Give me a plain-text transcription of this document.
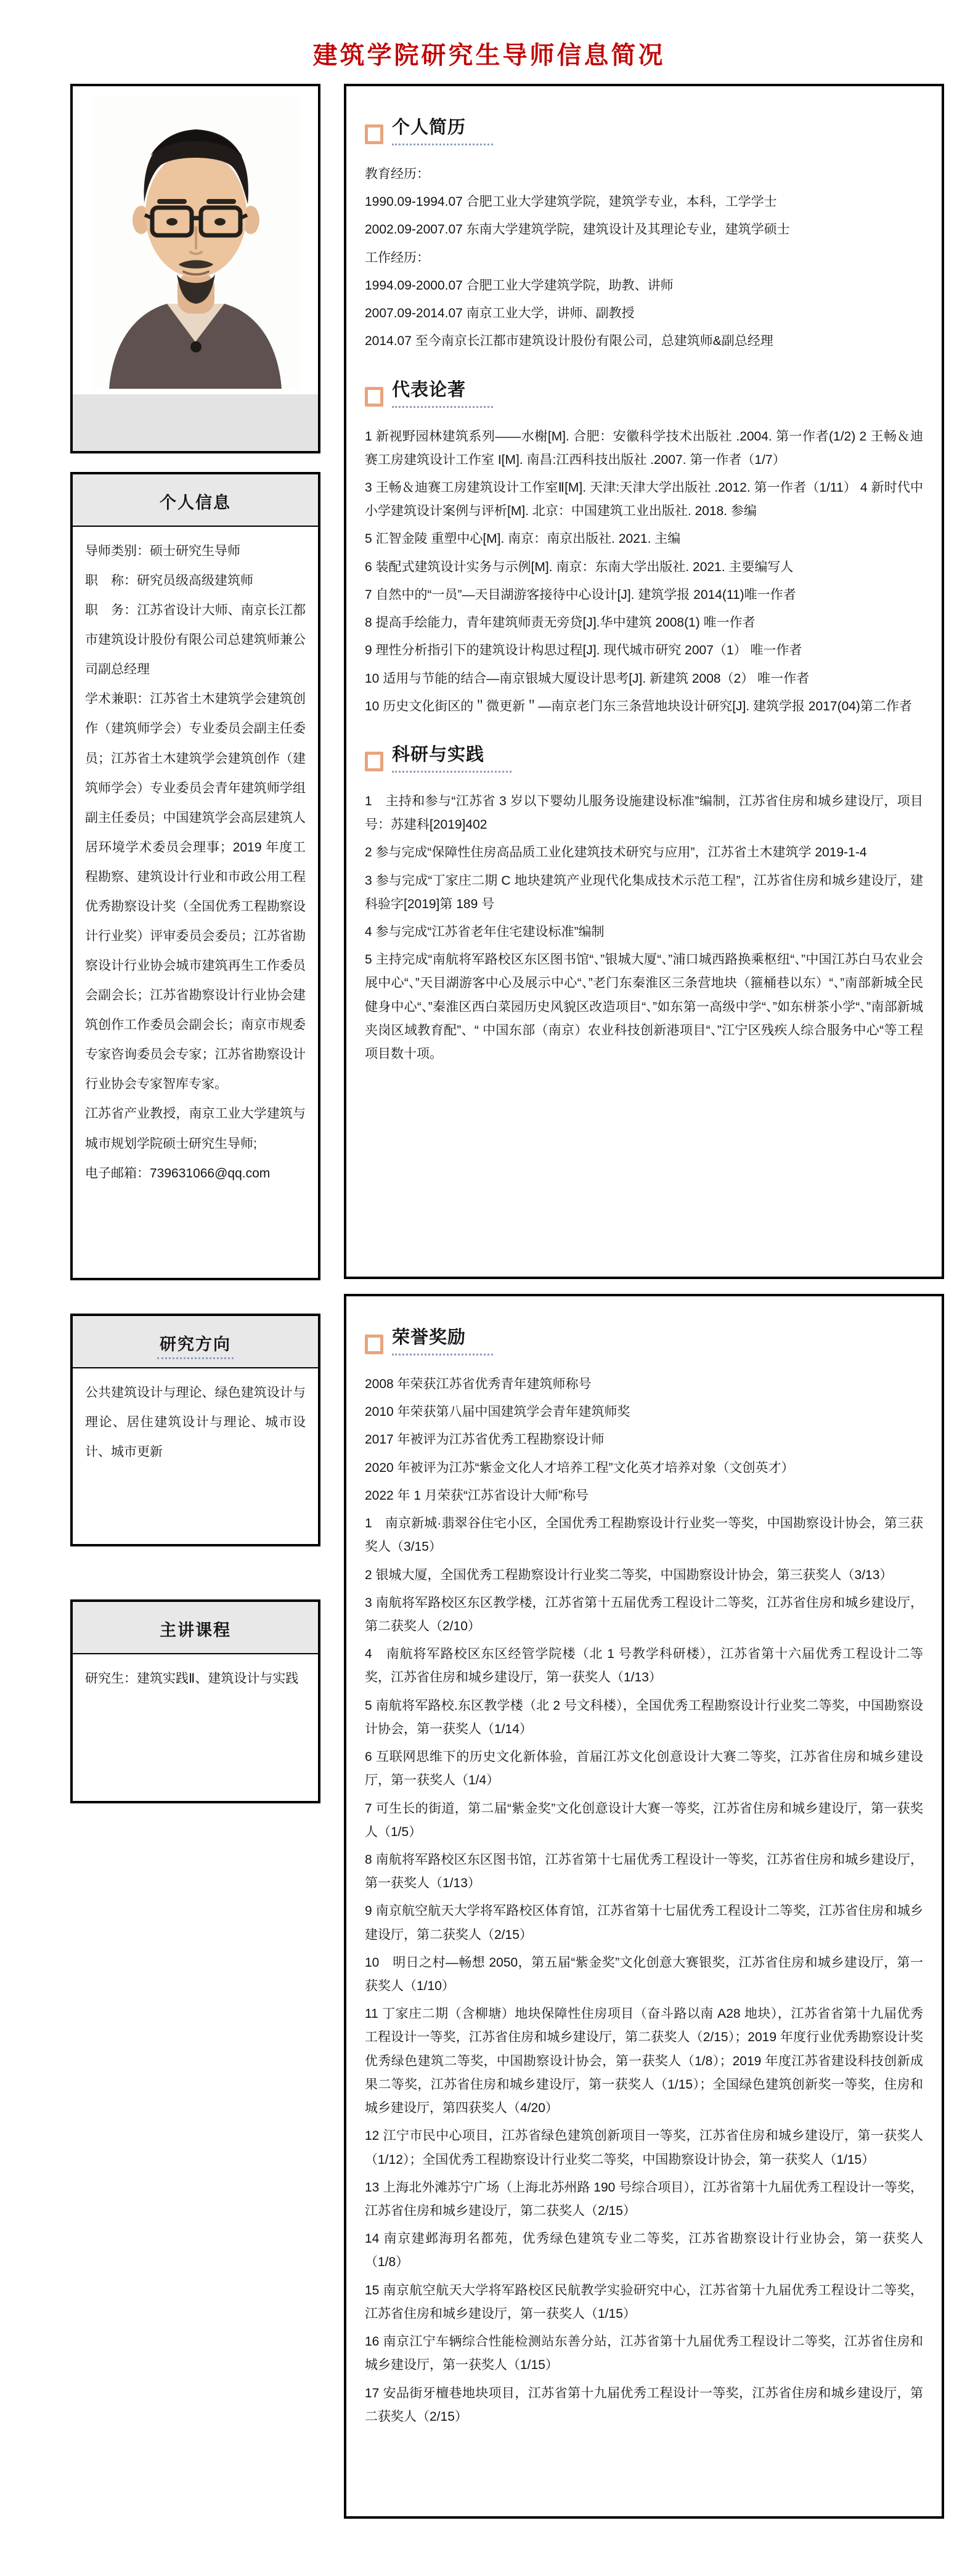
建筑学院研究生导师信息简况
个人信息

导师类别：硕士研究生导师

职　称：研究员级高级建筑师

职　务：江苏省设计大师、南京长江都市建筑设计股份有限公司总建筑师兼公司副总经理

学术兼职：江苏省土木建筑学会建筑创作（建筑师学会）专业委员会副主任委员；江苏省土木建筑学会建筑创作（建筑师学会）专业委员会青年建筑师学组副主任委员；中国建筑学会高层建筑人居环境学术委员会理事；2019 年度工程勘察、建筑设计行业和市政公用工程优秀勘察设计奖（全国优秀工程勘察设计行业奖）评审委员会委员；江苏省勘察设计行业协会城市建筑再生工作委员会副会长；江苏省勘察设计行业协会建筑创作工作委员会副会长；南京市规委专家咨询委员会专家；江苏省勘察设计行业协会专家智库专家。

江苏省产业教授，南京工业大学建筑与城市规划学院硕士研究生导师;

电子邮箱：739631066@qq.com

研究方向

公共建筑设计与理论、绿色建筑设计与理论、居住建筑设计与理论、城市设计、城市更新

主讲课程

研究生：建筑实践Ⅱ、建筑设计与实践

个人简历

教育经历：

1990.09-1994.07 合肥工业大学建筑学院，建筑学专业，本科，工学学士

2002.09-2007.07 东南大学建筑学院，建筑设计及其理论专业，建筑学硕士

工作经历：

1994.09-2000.07 合肥工业大学建筑学院，助教、讲师

2007.09-2014.07 南京工业大学，讲师、副教授

2014.07 至今南京长江都市建筑设计股份有限公司，总建筑师&副总经理

代表论著

1 新视野园林建筑系列——水榭[M]. 合肥：安徽科学技术出版社 .2004. 第一作者(1/2) 2 王畅＆迪赛工房建筑设计工作室 I[M]. 南昌:江西科技出版社 .2007. 第一作者（1/7）

3 王畅＆迪赛工房建筑设计工作室Ⅱ[M]. 天津:天津大学出版社 .2012. 第一作者（1/11） 4 新时代中小学建筑设计案例与评析[M]. 北京：中国建筑工业出版社. 2018. 参编

5 汇智金陵 重塑中心[M]. 南京：南京出版社. 2021. 主编

6 装配式建筑设计实务与示例[M]. 南京：东南大学出版社. 2021. 主要编写人

7 自然中的“一员”—天目湖游客接待中心设计[J]. 建筑学报 2014(11)唯一作者

8 提高手绘能力，青年建筑师责无旁贷[J].华中建筑 2008(1) 唯一作者

9 理性分析指引下的建筑设计构思过程[J]. 现代城市研究 2007（1） 唯一作者

10 适用与节能的结合—南京银城大厦设计思考[J]. 新建筑 2008（2） 唯一作者

10 历史文化街区的＂微更新＂—南京老门东三条营地块设计研究[J]. 建筑学报 2017(04)第二作者

科研与实践

1　主持和参与“江苏省 3 岁以下婴幼儿服务设施建设标准”编制，江苏省住房和城乡建设厅，项目号：苏建科[2019]402

2 参与完成“保障性住房高品质工业化建筑技术研究与应用”，江苏省土木建筑学 2019-1-4

3 参与完成“丁家庄二期 C 地块建筑产业现代化集成技术示范工程”，江苏省住房和城乡建设厅，建科验字[2019]第 189 号

4 参与完成“江苏省老年住宅建设标准”编制

5 主持完成“南航将军路校区东区图书馆“、”银城大厦“、”浦口城西路换乘枢纽“、”中国江苏白马农业会展中心“、”天目湖游客中心及展示中心“、”老门东秦淮区三条营地块（箍桶巷以东）“、”南部新城全民健身中心“、”秦淮区西白菜园历史风貌区改造项目“、”如东第一高级中学“、”如东栟茶小学“、”南部新城夹岗区域教育配”、“ 中国东部（南京）农业科技创新港项目“、”江宁区残疾人综合服务中心“等工程项目数十项。

荣誉奖励

2008 年荣获江苏省优秀青年建筑师称号

2010 年荣获第八届中国建筑学会青年建筑师奖

2017 年被评为江苏省优秀工程勘察设计师

2020 年被评为江苏“紫金文化人才培养工程”文化英才培养对象（文创英才）

2022 年 1 月荣获“江苏省设计大师”称号

1　南京新城·翡翠谷住宅小区，全国优秀工程勘察设计行业奖一等奖，中国勘察设计协会，第三获奖人（3/15）

2 银城大厦，全国优秀工程勘察设计行业奖二等奖，中国勘察设计协会，第三获奖人（3/13）

3 南航将军路校区东区教学楼，江苏省第十五届优秀工程设计二等奖，江苏省住房和城乡建设厅，第二获奖人（2/10）

4　南航将军路校区东区经管学院楼（北 1 号教学科研楼），江苏省第十六届优秀工程设计二等奖，江苏省住房和城乡建设厅，第一获奖人（1/13）

5 南航将军路校.东区教学楼（北 2 号文科楼），全国优秀工程勘察设计行业奖二等奖，中国勘察设计协会，第一获奖人（1/14）

6 互联网思维下的历史文化新体验，首届江苏文化创意设计大赛二等奖，江苏省住房和城乡建设厅，第一获奖人（1/4）

7 可生长的街道，第二届“紫金奖”文化创意设计大赛一等奖，江苏省住房和城乡建设厅，第一获奖人（1/5）

8 南航将军路校区东区图书馆，江苏省第十七届优秀工程设计一等奖，江苏省住房和城乡建设厅，第一获奖人（1/13）

9 南京航空航天大学将军路校区体育馆，江苏省第十七届优秀工程设计二等奖，江苏省住房和城乡建设厅，第二获奖人（2/15）

10　明日之村—畅想 2050，第五届“紫金奖”文化创意大赛银奖，江苏省住房和城乡建设厅，第一获奖人（1/10）

11 丁家庄二期（含柳塘）地块保障性住房项目（奋斗路以南 A28 地块），江苏省省第十九届优秀工程设计一等奖，江苏省住房和城乡建设厅，第二获奖人（2/15）；2019 年度行业优秀勘察设计奖优秀绿色建筑二等奖，中国勘察设计协会，第一获奖人（1/8）；2019 年度江苏省建设科技创新成果二等奖，江苏省住房和城乡建设厅，第一获奖人（1/15）；全国绿色建筑创新奖一等奖，住房和城乡建设厅，第四获奖人（4/20）

12 江宁市民中心项目，江苏省绿色建筑创新项目一等奖，江苏省住房和城乡建设厅，第一获奖人（1/12）；全国优秀工程勘察设计行业奖二等奖，中国勘察设计协会，第一获奖人（1/15）

13 上海北外滩苏宁广场（上海北苏州路 190 号综合项目），江苏省第十九届优秀工程设计一等奖，江苏省住房和城乡建设厅，第二获奖人（2/15）

14 南京建邺海玥名都苑，优秀绿色建筑专业二等奖，江苏省勘察设计行业协会，第一获奖人（1/8）

15 南京航空航天大学将军路校区民航教学实验研究中心，江苏省第十九届优秀工程设计二等奖，江苏省住房和城乡建设厅，第一获奖人（1/15）

16 南京江宁车辆综合性能检测站东善分站，江苏省第十九届优秀工程设计二等奖，江苏省住房和城乡建设厅，第一获奖人（1/15）

17 安品街牙檀巷地块项目，江苏省第十九届优秀工程设计一等奖，江苏省住房和城乡建设厅，第二获奖人（2/15）
